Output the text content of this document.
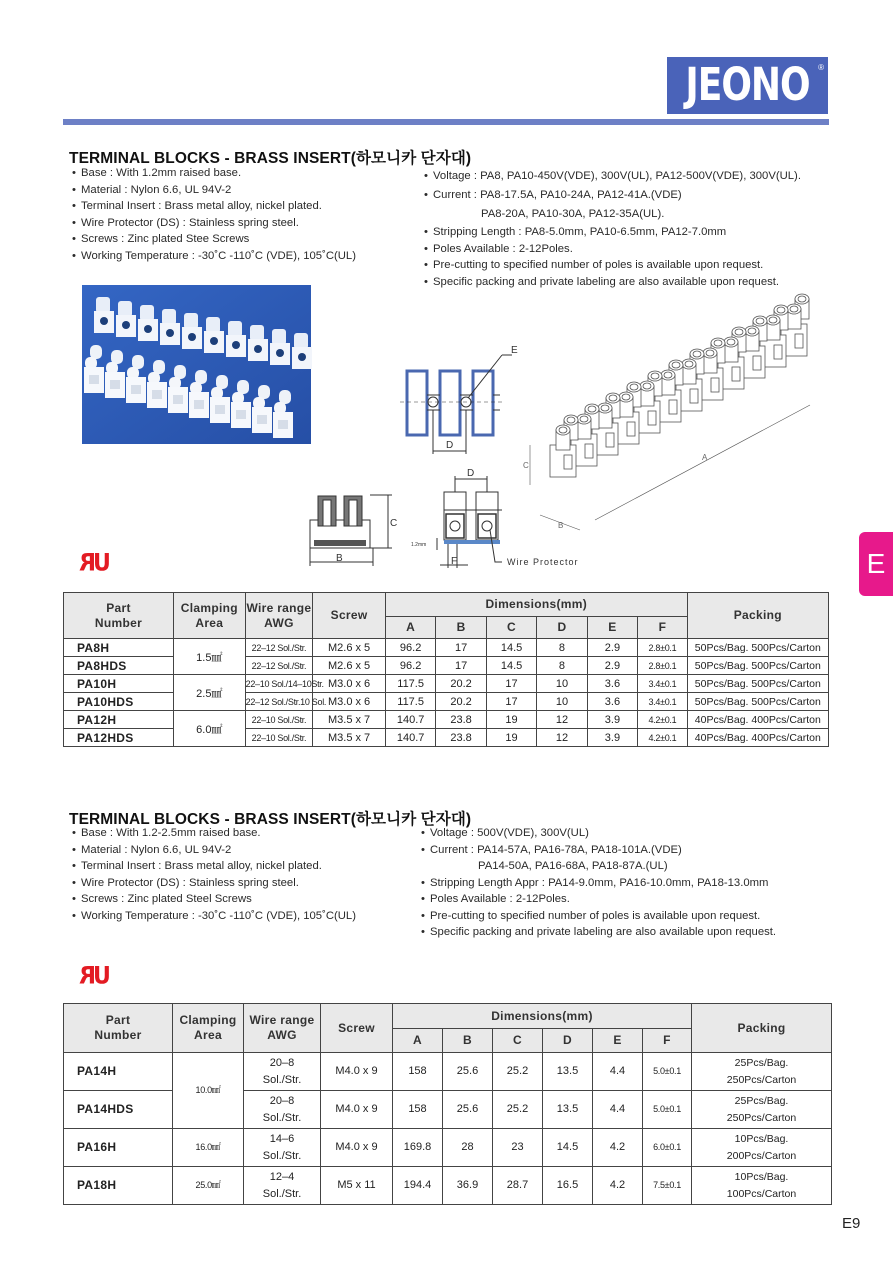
JEONO ®
TERMINAL BLOCKS - BRASS INSERT(하모니카 단자대)
• Base : With 1.2mm raised base.
• Material : Nylon 6.6, UL 94V-2
• Terminal Insert : Brass metal alloy, nickel plated.
• Wire Protector (DS) : Stainless spring steel.
• Screws : Zinc plated Stee Screws
• Working Temperature : -30˚C -110˚C (VDE), 105˚C(UL)
• Voltage : PA8, PA10-450V(VDE), 300V(UL), PA12-500V(VDE), 300V(UL).
• Current : PA8-17.5A, PA10-24A, PA12-41A.(VDE)
PA8-20A, PA10-30A, PA12-35A(UL).
• Stripping Length : PA8-5.0mm, PA10-6.5mm, PA12-7.0mm
• Poles Available : 2-12Poles.
• Pre-cutting to specified number of poles is available upon request.
• Specific packing and private labeling are also available upon request.
E
D
D
C
B	F
1.2mm
Wire Protector
C
B
A
UR	E
Part
Number	Clamping
Area	Wire range
AWG	Screw	Dimensions(mm)						Packing
				A	B	C	D	E	F	
PA8H	1.5㎟	22–12 Sol./Str.	M2.6 x 5	96.2	17	14.5	8	2.9	2.8±0.1	50Pcs/Bag. 500Pcs/Carton
PA8HDS		22–12 Sol./Str.	M2.6 x 5	96.2	17	14.5	8	2.9	2.8±0.1	50Pcs/Bag. 500Pcs/Carton
PA10H	2.5㎟	22–10 Sol./14–10Str.	M3.0 x 6	117.5	20.2	17	10	3.6	3.4±0.1	50Pcs/Bag. 500Pcs/Carton
PA10HDS		22–12 Sol./Str.10 Sol.	M3.0 x 6	117.5	20.2	17	10	3.6	3.4±0.1	50Pcs/Bag. 500Pcs/Carton
PA12H	6.0㎟	22–10 Sol./Str.	M3.5 x 7	140.7	23.8	19	12	3.9	4.2±0.1	40Pcs/Bag. 400Pcs/Carton
PA12HDS		22–10 Sol./Str.	M3.5 x 7	140.7	23.8	19	12	3.9	4.2±0.1	40Pcs/Bag. 400Pcs/Carton
TERMINAL BLOCKS - BRASS INSERT(하모니카 단자대)
• Base : With 1.2-2.5mm raised base.
• Material : Nylon 6.6, UL 94V-2
• Terminal Insert : Brass metal alloy, nickel plated.
• Wire Protector (DS) : Stainless spring steel.
• Screws : Zinc plated Steel Screws
• Working Temperature : -30˚C -110˚C (VDE), 105˚C(UL)
• Voltage : 500V(VDE), 300V(UL)
• Current : PA14-57A, PA16-78A, PA18-101A.(VDE)
PA14-50A, PA16-68A, PA18-87A.(UL)
• Stripping Length Appr : PA14-9.0mm, PA16-10.0mm, PA18-13.0mm
• Poles Available : 2-12Poles.
• Pre-cutting to specified number of poles is available upon request.
• Specific packing and private labeling are also available upon request.
UR
Part
Number	Clamping
Area	Wire range
AWG	Screw	Dimensions(mm)						Packing
				A	B	C	D	E	F	
PA14H	10.0㎟	20–8
Sol./Str.	M4.0 x 9	158	25.6	25.2	13.5	4.4	5.0±0.1	25Pcs/Bag.
250Pcs/Carton
PA14HDS		20–8
Sol./Str.	M4.0 x 9	158	25.6	25.2	13.5	4.4	5.0±0.1	25Pcs/Bag.
250Pcs/Carton
PA16H	16.0㎟	14–6
Sol./Str.	M4.0 x 9	169.8	28	23	14.5	4.2	6.0±0.1	10Pcs/Bag.
200Pcs/Carton
PA18H	25.0㎟	12–4
Sol./Str.	M5 x 11	194.4	36.9	28.7	16.5	4.2	7.5±0.1	10Pcs/Bag.
100Pcs/Carton
E9
